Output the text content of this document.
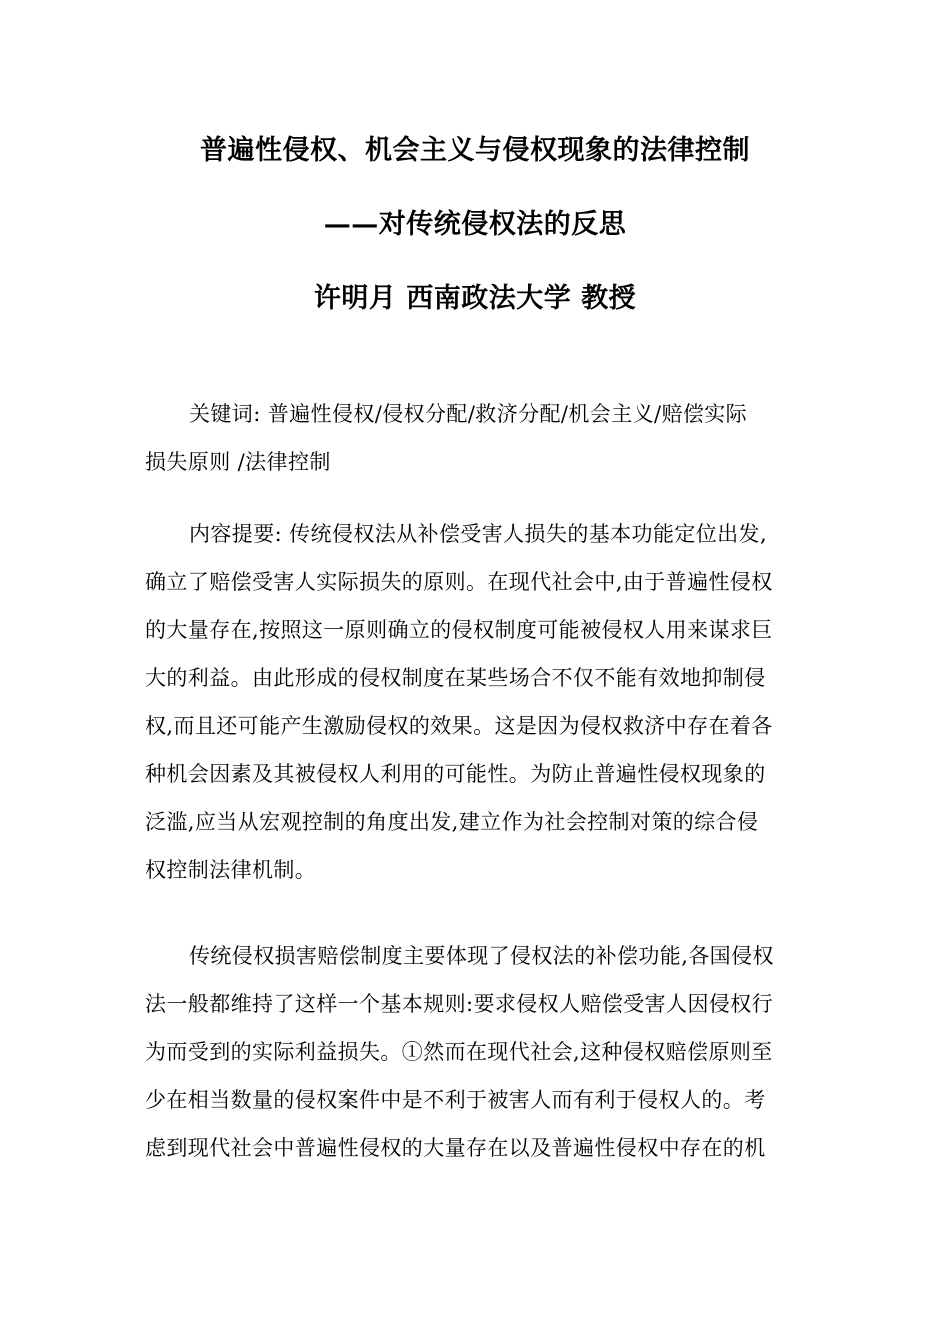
普遍性侵权、机会主义与侵权现象的法律控制
——对传统侵权法的反思
许明月 西南政法大学 教授
关键词: 普遍性侵权/侵权分配/救济分配/机会主义/赔偿实际
损失原则 /法律控制
内容提要: 传统侵权法从补偿受害人损失的基本功能定位出发,
确立了赔偿受害人实际损失的原则。在现代社会中,由于普遍性侵权
的大量存在,按照这一原则确立的侵权制度可能被侵权人用来谋求巨
大的利益。由此形成的侵权制度在某些场合不仅不能有效地抑制侵
权,而且还可能产生激励侵权的效果。这是因为侵权救济中存在着各
种机会因素及其被侵权人利用的可能性。为防止普遍性侵权现象的
泛滥,应当从宏观控制的角度出发,建立作为社会控制对策的综合侵
权控制法律机制。
传统侵权损害赔偿制度主要体现了侵权法的补偿功能,各国侵权
法一般都维持了这样一个基本规则:要求侵权人赔偿受害人因侵权行
为而受到的实际利益损失。①然而在现代社会,这种侵权赔偿原则至
少在相当数量的侵权案件中是不利于被害人而有利于侵权人的。考
虑到现代社会中普遍性侵权的大量存在以及普遍性侵权中存在的机
